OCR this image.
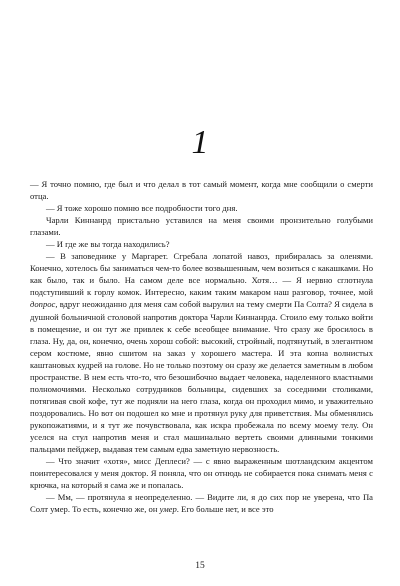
1

— Я точно помню, где был и что делал в тот самый момент, когда мне сообщили о смерти отца.

— Я тоже хорошо помню все подробности того дня.

Чарли Киннанрд пристально уставился на меня своими пронзительно голубыми глазами.

— И где же вы тогда находились?

— В заповеднике у Маргарет. Сгребала лопатой навоз, прибиралась за оленями. Конечно, хотелось бы заниматься чем-то более возвышенным, чем возиться с какашками. Но как было, так и было. На самом деле все нормально. Хотя… — Я нервно сглотнула подступивший к горлу комок. Интересно, каким таким макаром наш разговор, точнее, мой допрос, вдруг неожиданно для меня сам собой вырулил на тему смерти Па Солта? Я сидела в душной больничной столовой напротив доктора Чарли Киннанрда. Стоило ему только войти в помещение, и он тут же привлек к себе всеобщее внимание. Что сразу же бросилось в глаза. Ну, да, он, конечно, очень хорош собой: высокий, стройный, подтянутый, в элегантном сером костюме, явно сшитом на заказ у хорошего мастера. И эта копна волнистых каштановых кудрей на голове. Но не только поэтому он сразу же делается заметным в любом пространстве. В нем есть что-то, что безошибочно выдает человека, наделенного властными полномочиями. Несколько сотрудников больницы, сидевших за соседними столиками, потягивая свой кофе, тут же подняли на него глаза, когда он проходил мимо, и уважительно поздоровались. Но вот он подошел ко мне и протянул руку для приветствия. Мы обменялись рукопожатиями, и я тут же почувствовала, как искра пробежала по всему моему телу. Он уселся на стул напротив меня и стал машинально вертеть своими длинными тонкими пальцами пейджер, выдавая тем самым едва заметную нервозность.

— Что значит «хотя», мисс Деплеси? — с явно выраженным шотландским акцентом поинтересовался у меня доктор. Я поняла, что он отнюдь не собирается пока снимать меня с крючка, на который я сама же и попалась.

— Мм, — протянула я неопределенно. — Видите ли, я до сих пор не уверена, что Па Солт умер. То есть, конечно же, он умер. Его больше нет, и все это

15
